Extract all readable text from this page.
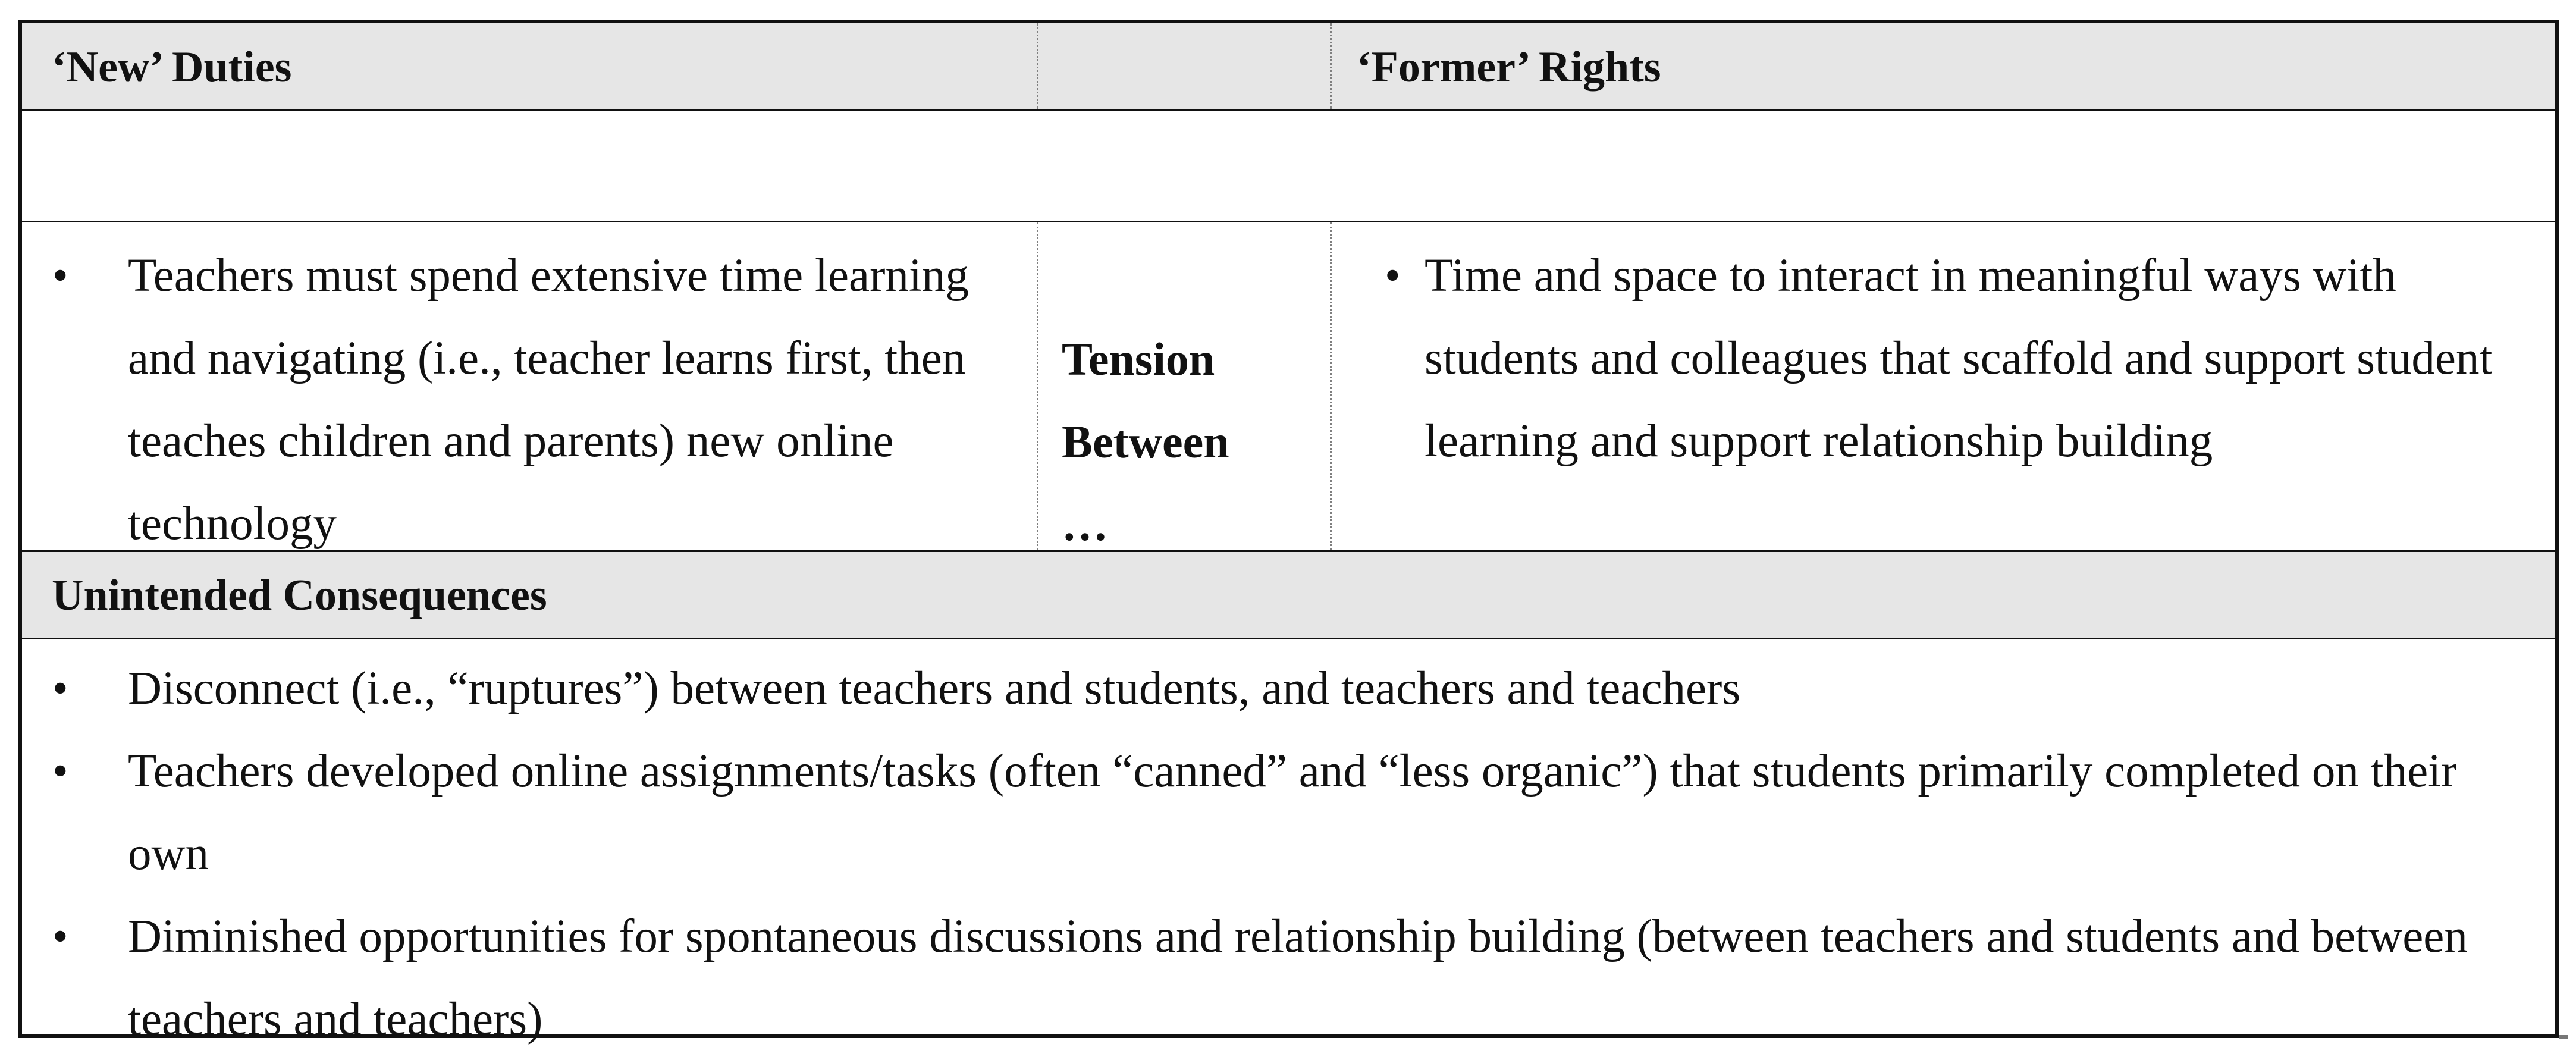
‘New’ Duties	‘Former’ Rights
• Teachers must spend extensive time learning and navigating (i.e., teacher learns first, then teaches children and parents) new online technology
Tension
Between
…
• Time and space to interact in meaningful ways with students and colleagues that scaffold and support student learning and support relationship building
Unintended Consequences
• Disconnect (i.e., “ruptures”) between teachers and students, and teachers and teachers
• Teachers developed online assignments/tasks (often “canned” and “less organic”) that students primarily completed on their own
• Diminished opportunities for spontaneous discussions and relationship building (between teachers and students and between teachers and teachers)
